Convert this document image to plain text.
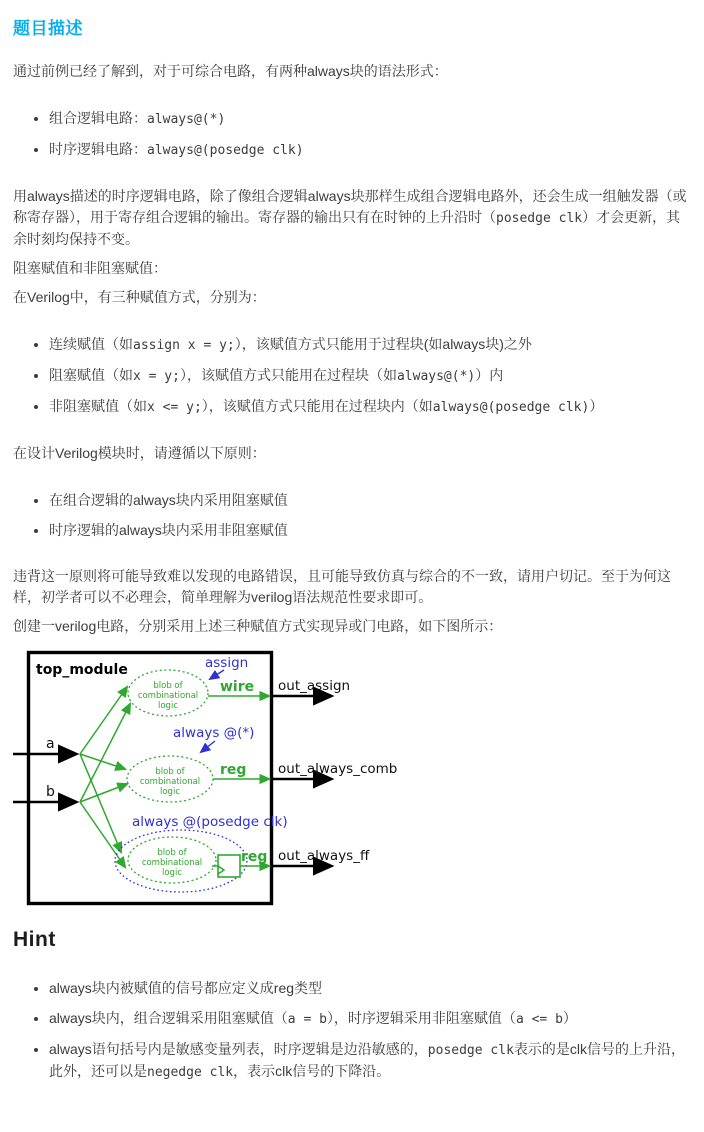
题目描述

通过前例已经了解到，对于可综合电路，有两种always块的语法形式：

• 组合逻辑电路：always@(*)
• 时序逻辑电路：always@(posedge clk)

用always描述的时序逻辑电路，除了像组合逻辑always块那样生成组合逻辑电路外，还会生成一组触发器（或称寄存器），用于寄存组合逻辑的输出。寄存器的输出只有在时钟的上升沿时（posedge clk）才会更新，其余时刻均保持不变。

阻塞赋值和非阻塞赋值：

在Verilog中，有三种赋值方式，分别为：

• 连续赋值（如assign x = y;），该赋值方式只能用于过程块(如always块)之外
• 阻塞赋值（如x = y;），该赋值方式只能用在过程块（如always@(*)）内
• 非阻塞赋值（如x <= y;），该赋值方式只能用在过程块内（如always@(posedge clk)）

在设计Verilog模块时，请遵循以下原则：

• 在组合逻辑的always块内采用阻塞赋值
• 时序逻辑的always块内采用非阻塞赋值

违背这一原则将可能导致难以发现的电路错误，且可能导致仿真与综合的不一致，请用户切记。至于为何这样，初学者可以不必理会，简单理解为verilog语法规范性要求即可。

创建一verilog电路，分别采用上述三种赋值方式实现异或门电路，如下图所示：

top_module
a
b
blob of
combinational
logic
assign
wire out_assign
blob of
combinational
logic
always @(*)
reg out_always_comb
blob of
combinational
logic
always @(posedge clk)
reg out_always_ff
Hint
• always块内被赋值的信号都应定义成reg类型
• always块内，组合逻辑采用阻塞赋值（a = b），时序逻辑采用非阻塞赋值（a <= b）
• always语句括号内是敏感变量列表，时序逻辑是边沿敏感的，posedge clk表示的是clk信号的上升沿，此外，还可以是negedge clk，表示clk信号的下降沿。
